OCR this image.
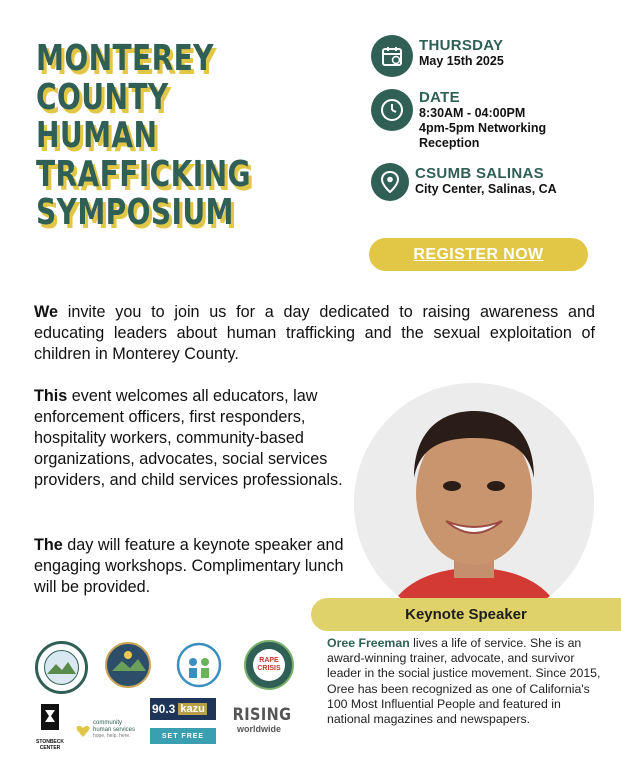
MONTEREY
COUNTY
HUMAN
TRAFFICKING
SYMPOSIUM
THURSDAY
May 15th 2025
DATE
8:30AM - 04:00PM
4pm-5pm Networking
Reception
CSUMB SALINAS
City Center, Salinas, CA
REGISTER NOW
We invite you to join us for a day dedicated to raising awareness and educating leaders about human trafficking and the sexual exploitation of children in Monterey County.
This event welcomes all educators, law enforcement officers, first responders, hospitality workers, community-based organizations, advocates, social services providers, and child services professionals.
The day will feature a keynote speaker and engaging workshops. Complimentary lunch will be provided.
Keynote Speaker
Oree Freeman lives a life of service. She is an award-winning trainer, advocate, and survivor leader in the social justice movement. Since 2015, Oree has been recognized as one of California's 100 Most Influential People and featured in national magazines and newspapers.
RAPE CRISIS
STONBECK CENTER
community human services
hope. help. here.
90.3 kazu
SET FREE
RISING
worldwide
